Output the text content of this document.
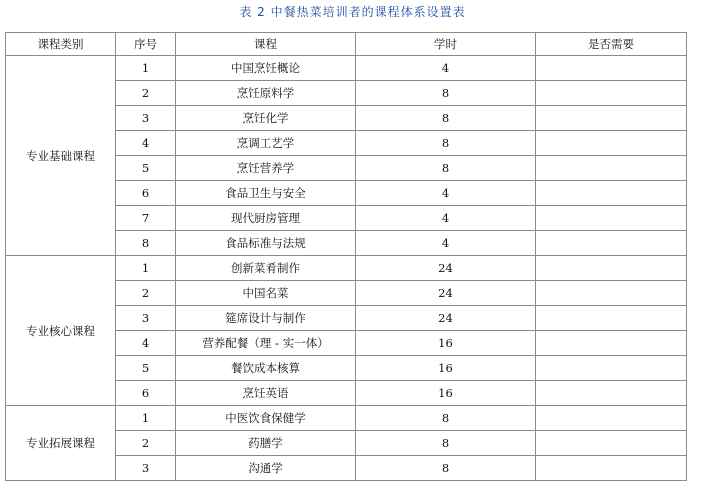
表 2 中餐热菜培训者的课程体系设置表
课程类别	序号	课程	学时	是否需要
专业基础课程	1	中国烹饪概论	4	
	2	烹饪原料学	8	
	3	烹饪化学	8	
	4	烹调工艺学	8	
	5	烹饪营养学	8	
	6	食品卫生与安全	4	
	7	现代厨房管理	4	
	8	食品标准与法规	4	
专业核心课程	1	创新菜肴制作	24	
	2	中国名菜	24	
	3	筵席设计与制作	24	
	4	营养配餐（理 - 实一体）	16	
	5	餐饮成本核算	16	
	6	烹饪英语	16	
专业拓展课程	1	中医饮食保健学	8	
	2	药膳学	8	
	3	沟通学	8	
